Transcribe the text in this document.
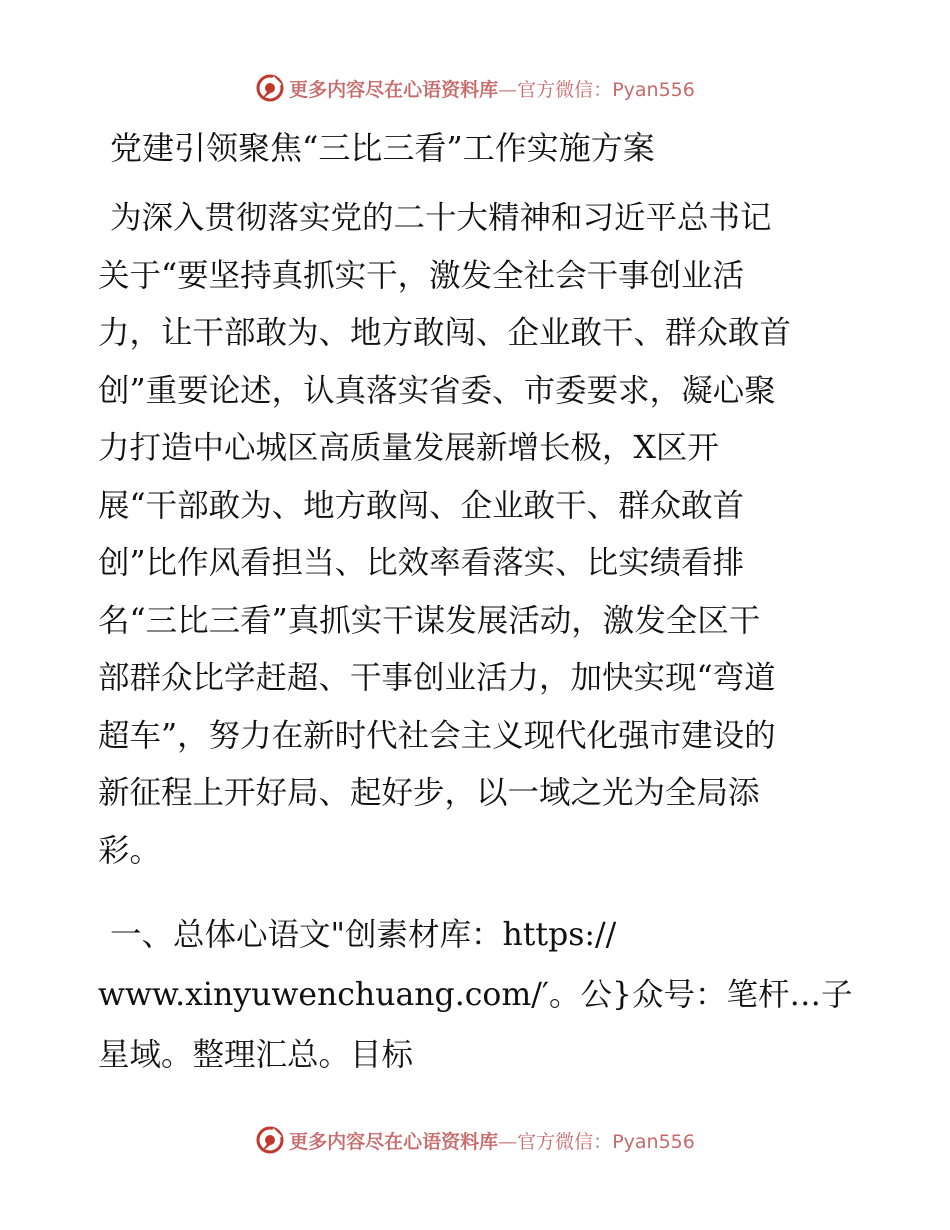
更多内容尽在心语资料库—官方微信：Pyan556
党建引领聚焦“三比三看”工作实施方案
为深入贯彻落实党的二十大精神和习近平总书记
关于“要坚持真抓实干，激发全社会干事创业活
力，让干部敢为、地方敢闯、企业敢干、群众敢首
创”重要论述，认真落实省委、市委要求，凝心聚
力打造中心城区高质量发展新增长极，X区开
展“干部敢为、地方敢闯、企业敢干、群众敢首
创”比作风看担当、比效率看落实、比实绩看排
名“三比三看”真抓实干谋发展活动，激发全区干
部群众比学赶超、干事创业活力，加快实现“弯道
超车”，努力在新时代社会主义现代化强市建设的
新征程上开好局、起好步，以一域之光为全局添
彩。
一、总体心语文"创素材库：https://
www.xinyuwenchuang.com/′。公}众号：笔杆…子
星域。整理汇总。目标
更多内容尽在心语资料库—官方微信：Pyan556
